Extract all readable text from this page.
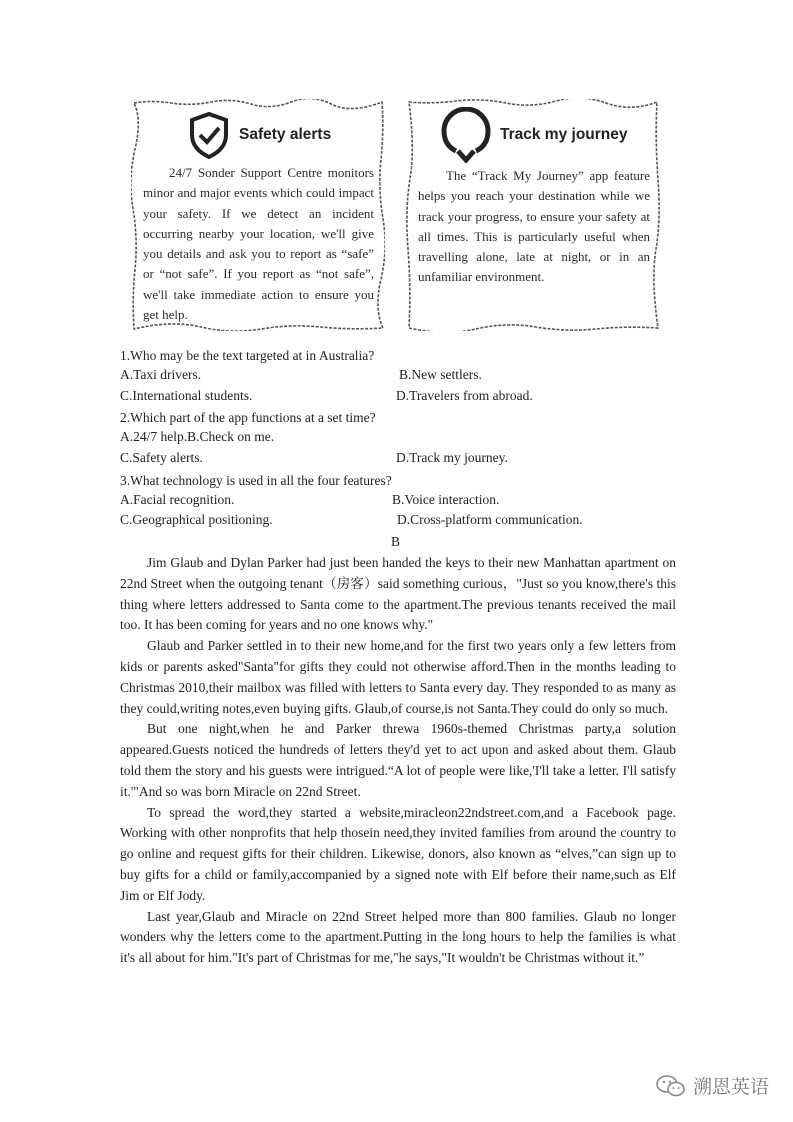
Safety alerts
24/7 Sonder Support Centre monitors minor and major events which could impact your safety. If we detect an incident occurring nearby your location, we'll give you details and ask you to report as “safe” or “not safe”. If you report as “not safe”, we'll take immediate action to ensure you get help.
Track my journey
The “Track My Journey” app feature helps you reach your destination while we track your progress, to ensure your safety at all times. This is particularly useful when travelling alone, late at night, or in an unfamiliar environment.
1.Who may be the text targeted at in Australia?
A.Taxi drivers.	B.New settlers.
C.International students.	D.Travelers from abroad.
2.Which part of the app functions at a set time?
A.24/7 help.B.Check on me.
C.Safety alerts.	D.Track my journey.
3.What technology is used in all the four features?
A.Facial recognition.	B.Voice interaction.
C.Geographical positioning.	D.Cross-platform communication.
B

Jim Glaub and Dylan Parker had just been handed the keys to their new Manhattan apartment on 22nd Street when the outgoing tenant（房客）said something curious，"Just so you know,there's this thing where letters addressed to Santa come to the apartment.The previous tenants received the mail too. It has been coming for years and no one knows why."

Glaub and Parker settled in to their new home,and for the first two years only a few letters from kids or parents asked"Santa"for gifts they could not otherwise afford.Then in the months leading to Christmas 2010,their mailbox was filled with letters to Santa every day. They responded to as many as they could,writing notes,even buying gifts. Glaub,of course,is not Santa.They could do only so much.

But one night,when he and Parker threwa 1960s-themed Christmas party,a solution appeared.Guests noticed the hundreds of letters they'd yet to act upon and asked about them. Glaub told them the story and his guests were intrigued.“A lot of people were like,'I'll take a letter. I'll satisfy it.'"And so was born Miracle on 22nd Street.

To spread the word,they started a website,miracleon22ndstreet.com,and a Facebook page. Working with other nonprofits that help thosein need,they invited families from around the country to go online and request gifts for their children. Likewise, donors, also known as “elves,”can sign up to buy gifts for a child or family,accompanied by a signed note with Elf before their name,such as Elf Jim or Elf Jody.

Last year,Glaub and Miracle on 22nd Street helped more than 800 families. Glaub no longer wonders why the letters come to the apartment.Putting in the long hours to help the families is what it's all about for him."It's part of Christmas for me,"he says,"It wouldn't be Christmas without it.”

溯恩英语
